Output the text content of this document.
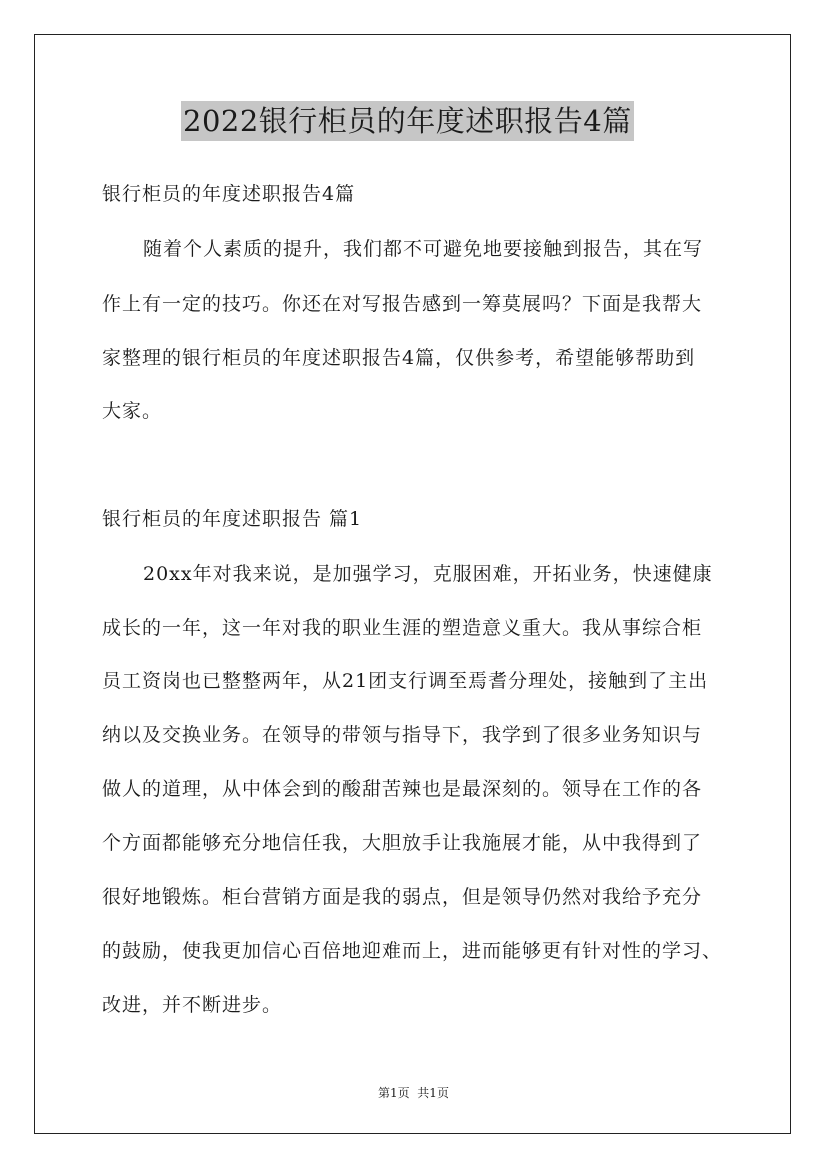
2022银行柜员的年度述职报告4篇
银行柜员的年度述职报告4篇
随着个人素质的提升，我们都不可避免地要接触到报告，其在写
作上有一定的技巧。你还在对写报告感到一筹莫展吗？下面是我帮大
家整理的银行柜员的年度述职报告4篇，仅供参考，希望能够帮助到
大家。
银行柜员的年度述职报告 篇1
20xx年对我来说，是加强学习，克服困难，开拓业务，快速健康
成长的一年，这一年对我的职业生涯的塑造意义重大。我从事综合柜
员工资岗也已整整两年，从21团支行调至焉耆分理处，接触到了主出
纳以及交换业务。在领导的带领与指导下，我学到了很多业务知识与
做人的道理，从中体会到的酸甜苦辣也是最深刻的。领导在工作的各
个方面都能够充分地信任我，大胆放手让我施展才能，从中我得到了
很好地锻炼。柜台营销方面是我的弱点，但是领导仍然对我给予充分
的鼓励，使我更加信心百倍地迎难而上，进而能够更有针对性的学习、
改进，并不断进步。
第1页  共1页
